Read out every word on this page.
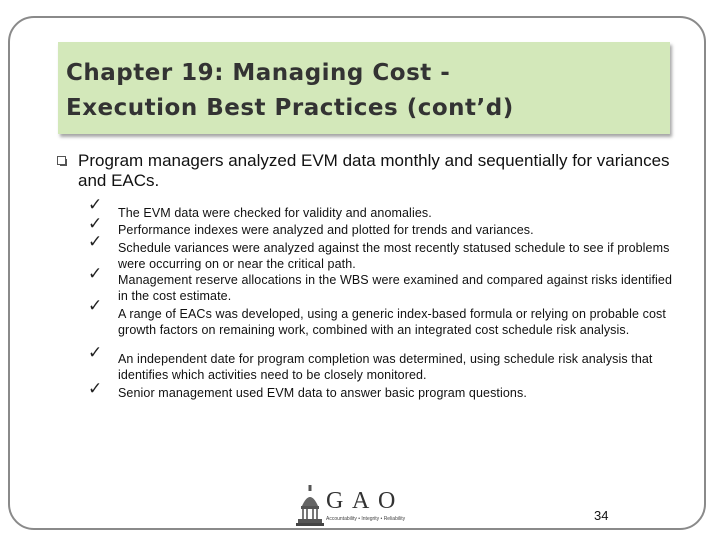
Chapter 19: Managing Cost -
Execution Best Practices (cont’d)
Program managers analyzed EVM data monthly and sequentially for variances and EACs.
✓ The EVM data were checked for validity and anomalies.
✓ Performance indexes were analyzed and plotted for trends and variances.
✓ Schedule variances were analyzed against the most recently statused schedule to see if problems were occurring on or near the critical path.
✓ Management reserve allocations in the WBS were examined and compared against risks identified in the cost estimate.
✓ A range of EACs was developed, using a generic index-based formula or relying on probable cost growth factors on remaining work, combined with an integrated cost schedule risk analysis.
✓ An independent date for program completion was determined, using schedule risk analysis that identifies which activities need to be closely monitored.
✓ Senior management used EVM data to answer basic program questions.
G A O
Accountability • Integrity • Reliability	34
